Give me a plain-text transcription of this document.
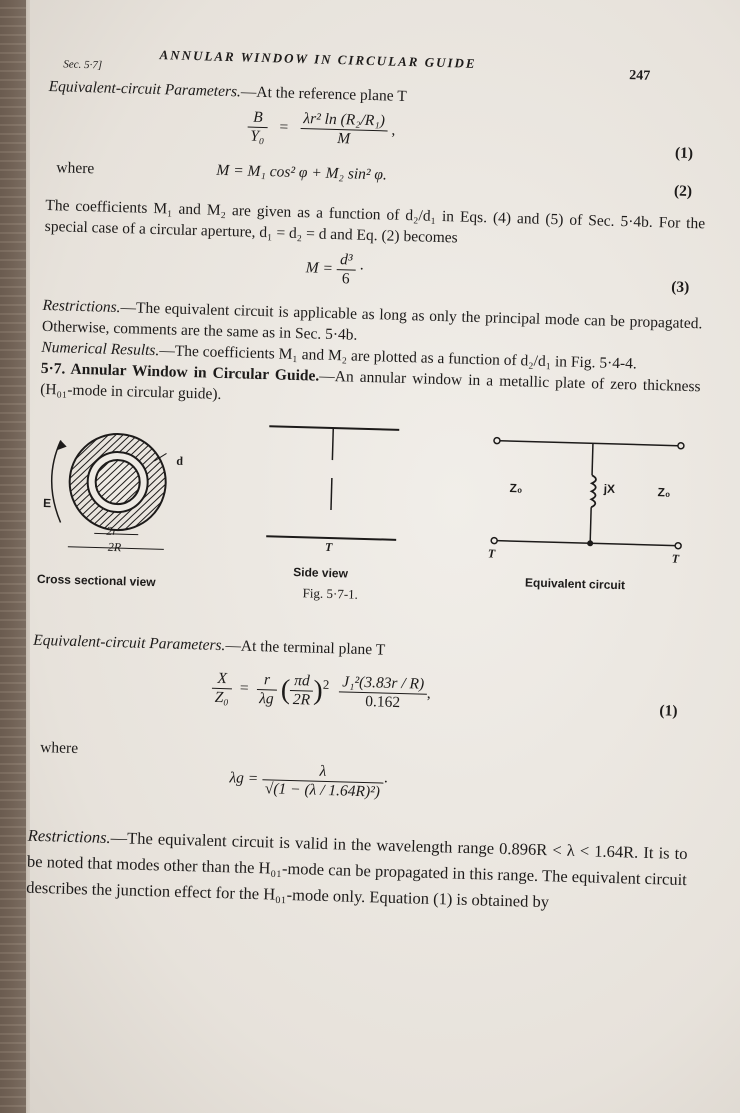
Sec. 5·7]	ANNULAR WINDOW IN CIRCULAR GUIDE
247

Equivalent-circuit Parameters.—At the reference plane T

$\frac{B}{\text{Y₀}} = \frac{\text{λr² ln (R₂/R₁)}}{M}$ ,
(1)
where	M = M₁ cos² φ + M₂ sin² φ.
(2)

The coefficients M₁ and M₂ are given as a function of d₂/d₁ in Eqs. (4) and (5) of Sec. 5·4b. For the special case of a circular aperture, d₁ = d₂ = d and Eq. (2) becomes

$M = \frac{\text{d³}}{6}$ ·
(3)

Restrictions.—The equivalent circuit is applicable as long as only the principal mode can be propagated. Otherwise, comments are the same as in Sec. 5·4b.

Numerical Results.—The coefficients M₁ and M₂ are plotted as a function of d₂/d₁ in Fig. 5·4-4.

5·7. Annular Window in Circular Guide.—An annular window in a metallic plate of zero thickness (H₀₁-mode in circular guide).

d
E
2r
2R	T
Z₀	jX	Z₀
T	T
Cross sectional view	Side view
Equivalent circuit
Fig. 5·7-1.

Equivalent-circuit Parameters.—At the terminal plane T

$\frac{X}{\text{Z₀}} = \frac{r}{\lambda g}$ ( $\frac{\pi d}{2R} )^2 \frac{\text{J₁²(3.83r / R)}}{0.162}$ ,
(1)
where
$\lambda g = \frac{\lambda}{\text{√(1 − (λ / 1.64R)²)}}$ ·

Restrictions.—The equivalent circuit is valid in the wavelength range 0.896R < λ < 1.64R. It is to be noted that modes other than the H₀₁-mode can be propagated in this range. The equivalent circuit describes the junction effect for the H₀₁-mode only. Equation (1) is obtained by
